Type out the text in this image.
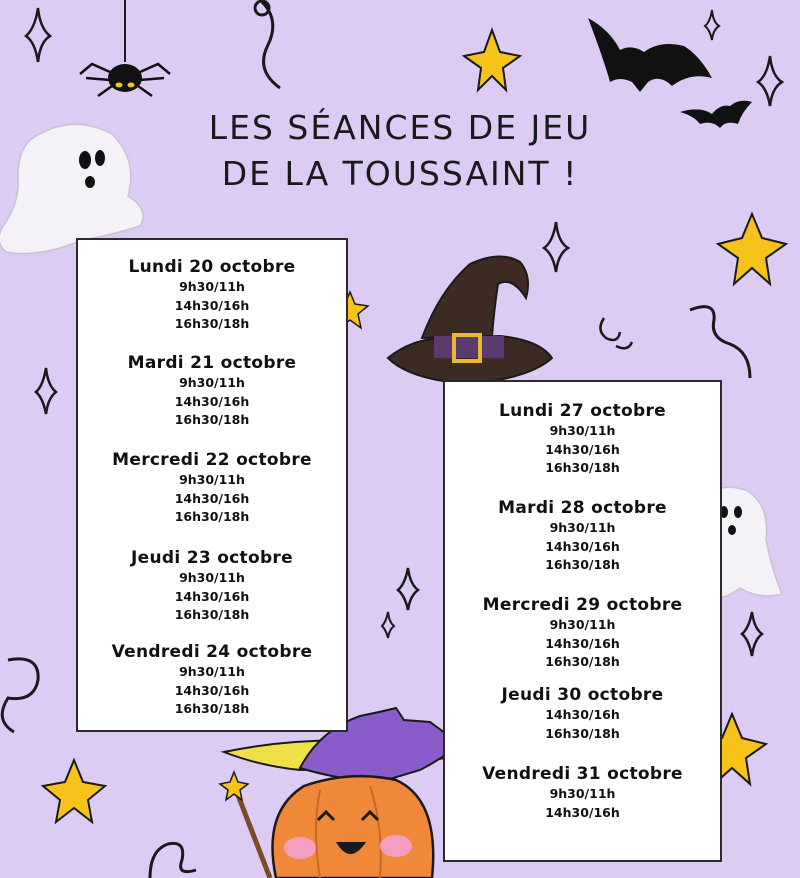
LES SÉANCES DE JEU
DE LA TOUSSAINT !
Lundi 20 octobre
9h30/11h
14h30/16h
16h30/18h
Mardi 21 octobre
9h30/11h
14h30/16h
16h30/18h
Mercredi 22 octobre
9h30/11h
14h30/16h
16h30/18h
Jeudi 23 octobre
9h30/11h
14h30/16h
16h30/18h
Vendredi 24 octobre
9h30/11h
14h30/16h
16h30/18h
Lundi 27 octobre
9h30/11h
14h30/16h
16h30/18h
Mardi 28 octobre
9h30/11h
14h30/16h
16h30/18h
Mercredi 29 octobre
9h30/11h
14h30/16h
16h30/18h
Jeudi 30 octobre
14h30/16h
16h30/18h
Vendredi 31 octobre
9h30/11h
14h30/16h
